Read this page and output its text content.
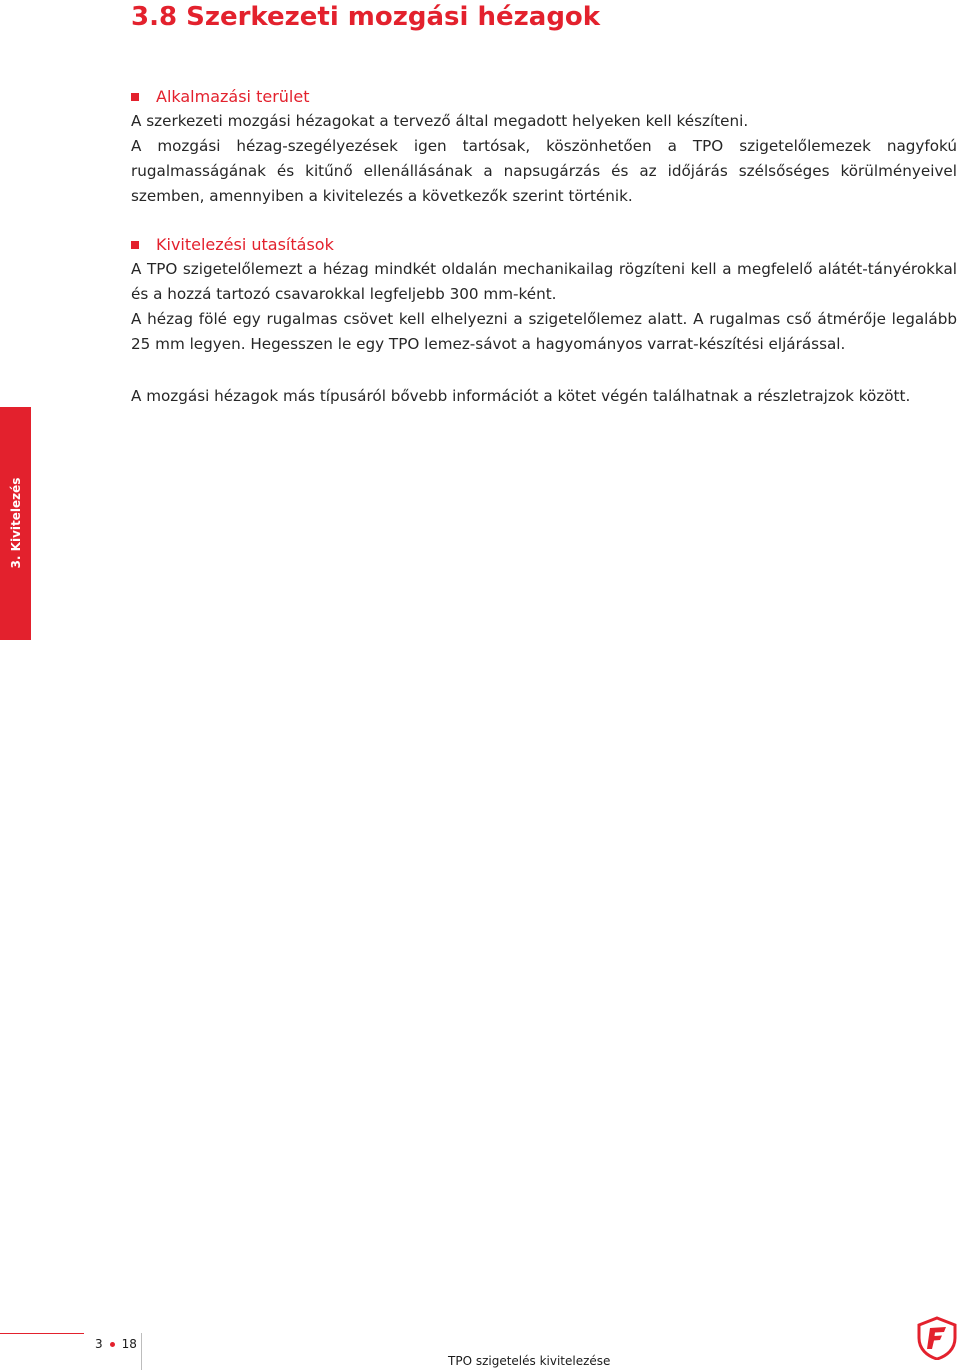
3.8 Szerkezeti mozgási hézagok
Alkalmazási terület

A szerkezeti mozgási hézagokat a tervező által megadott helyeken kell készíteni.

A mozgási hézag-szegélyezések igen tartósak, köszönhetően a TPO szigetelőlemezek nagyfokú rugalmasságának és kitűnő ellenállásának a napsugárzás és az időjárás szélsőséges körülményeivel szemben, amennyiben a kivitelezés a következők szerint történik.

Kivitelezési utasítások

A TPO szigetelőlemezt a hézag mindkét oldalán mechanikailag rögzíteni kell a megfelelő alátét-tányérokkal és a hozzá tartozó csavarokkal legfeljebb 300 mm-ként.

A hézag fölé egy rugalmas csövet kell elhelyezni a szigetelőlemez alatt. A rugalmas cső átmérője legalább 25 mm legyen. Hegesszen le egy TPO lemez-sávot a hagyományos varrat-készítési eljárással.

A mozgási hézagok más típusáról bővebb információt a kötet végén találhatnak a részletrajzok között.

3. Kivitelezés
3 18
TPO szigetelés kivitelezése
